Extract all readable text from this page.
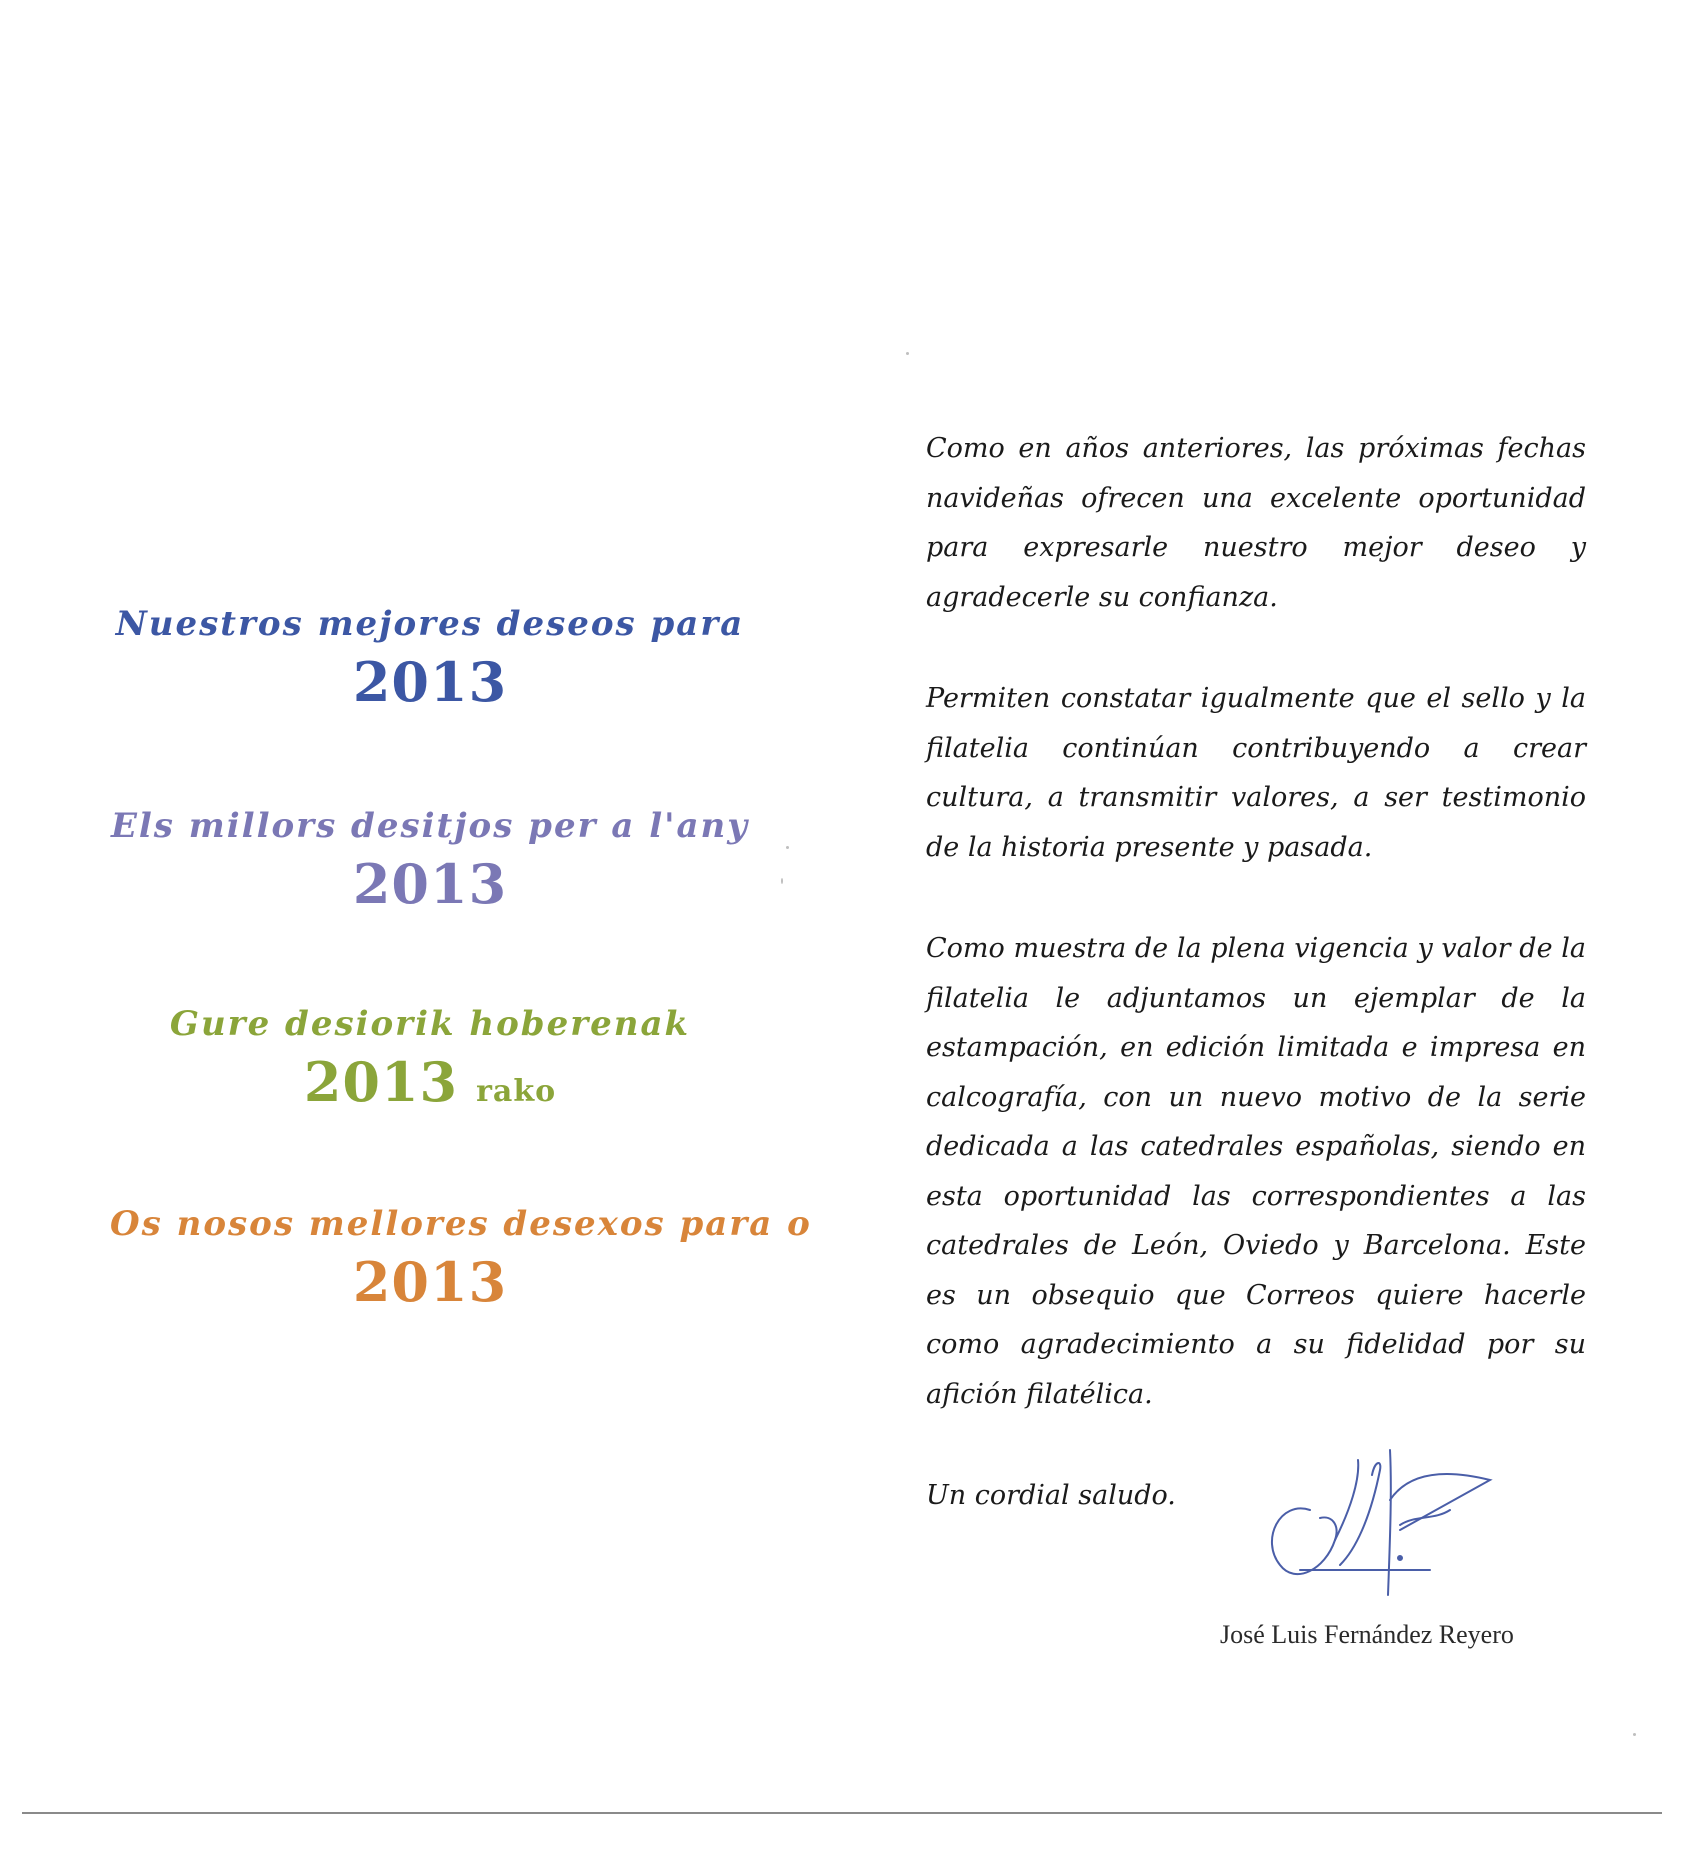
Nuestros mejores deseos para
2013
Els millors desitjos per a l'any
2013
Gure desiorik hoberenak
2013 rako
Os nosos mellores desexos para o
2013

Como en años anteriores, las próximas fechas navideñas ofrecen una excelente oportunidad para expresarle nuestro mejor deseo y agradecerle su confianza.

Permiten constatar igualmente que el sello y la filatelia continúan contribuyendo a crear cultura, a transmitir valores, a ser testimonio de la historia presente y pasada.

Como muestra de la plena vigencia y valor de la filatelia le adjuntamos un ejemplar de la estampación, en edición limitada e impresa en calcografía, con un nuevo motivo de la serie dedicada a las catedrales españolas, siendo en esta oportunidad las correspondientes a las catedrales de León, Oviedo y Barcelona. Este es un obsequio que Correos quiere hacerle como agradecimiento a su fidelidad por su afición filatélica.

Un cordial saludo.

José Luis Fernández Reyero
